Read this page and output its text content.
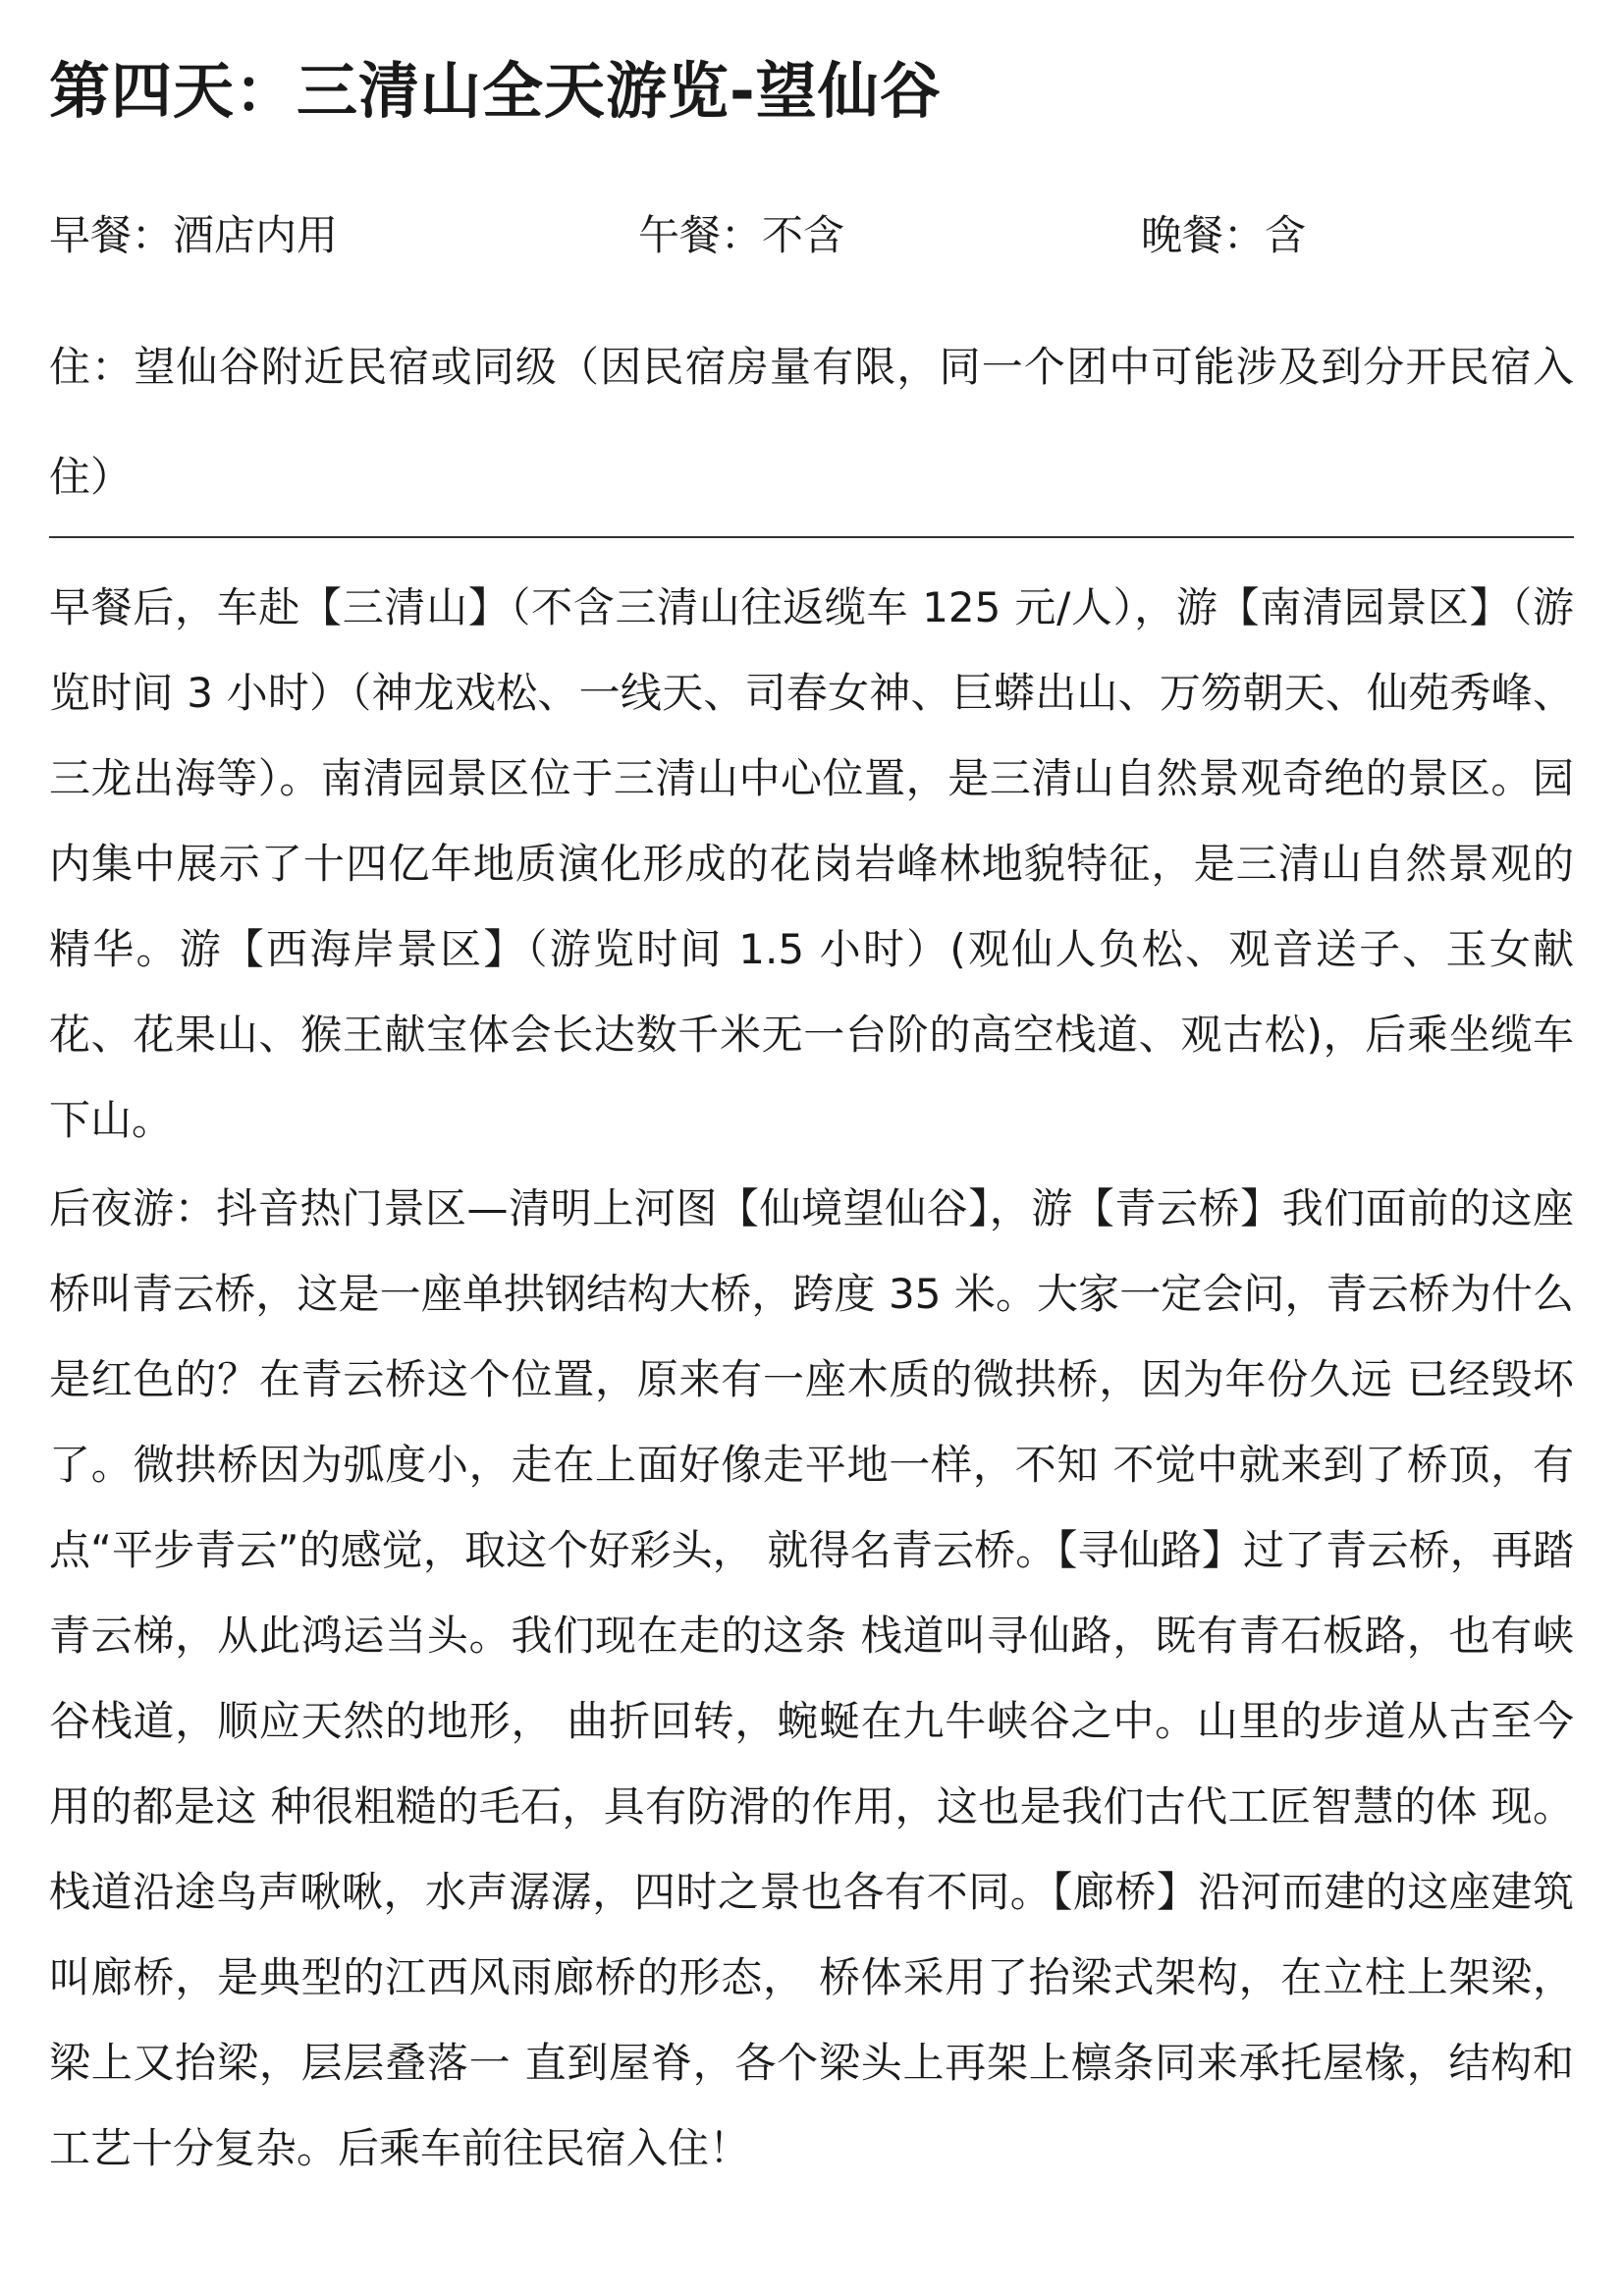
第四天：三清山全天游览-望仙谷
早餐：酒店内用	午餐：不含	晚餐：含

住：望仙谷附近民宿或同级（因民宿房量有限，同一个团中可能涉及到分开民宿入住）

早餐后，车赴【三清山】（不含三清山往返缆车 125 元/人），游【南清园景区】（游览时间 3 小时）（神龙戏松、一线天、司春女神、巨蟒出山、万笏朝天、仙苑秀峰、三龙出海等）。南清园景区位于三清山中心位置，是三清山自然景观奇绝的景区。园内集中展示了十四亿年地质演化形成的花岗岩峰林地貌特征，是三清山自然景观的精华。游【西海岸景区】（游览时间 1.5 小时）(观仙人负松、观音送子、玉女献花、花果山、猴王献宝体会长达数千米无一台阶的高空栈道、观古松)，后乘坐缆车下山。

后夜游：抖音热门景区—清明上河图【仙境望仙谷】，游【青云桥】我们面前的这座桥叫青云桥，这是一座单拱钢结构大桥，跨度 35 米。大家一定会问，青云桥为什么是红色的？在青云桥这个位置，原来有一座木质的微拱桥，因为年份久远 已经毁坏了。微拱桥因为弧度小，走在上面好像走平地一样，不知 不觉中就来到了桥顶，有点“平步青云”的感觉，取这个好彩头， 就得名青云桥。【寻仙路】过了青云桥，再踏青云梯，从此鸿运当头。我们现在走的这条 栈道叫寻仙路，既有青石板路，也有峡谷栈道，顺应天然的地形， 曲折回转，蜿蜒在九牛峡谷之中。山里的步道从古至今用的都是这 种很粗糙的毛石，具有防滑的作用，这也是我们古代工匠智慧的体 现。栈道沿途鸟声啾啾，水声潺潺，四时之景也各有不同。【廊桥】沿河而建的这座建筑叫廊桥，是典型的江西风雨廊桥的形态， 桥体采用了抬梁式架构，在立柱上架梁，梁上又抬梁，层层叠落一 直到屋脊，各个梁头上再架上檩条同来承托屋椽，结构和工艺十分复杂。后乘车前往民宿入住！
